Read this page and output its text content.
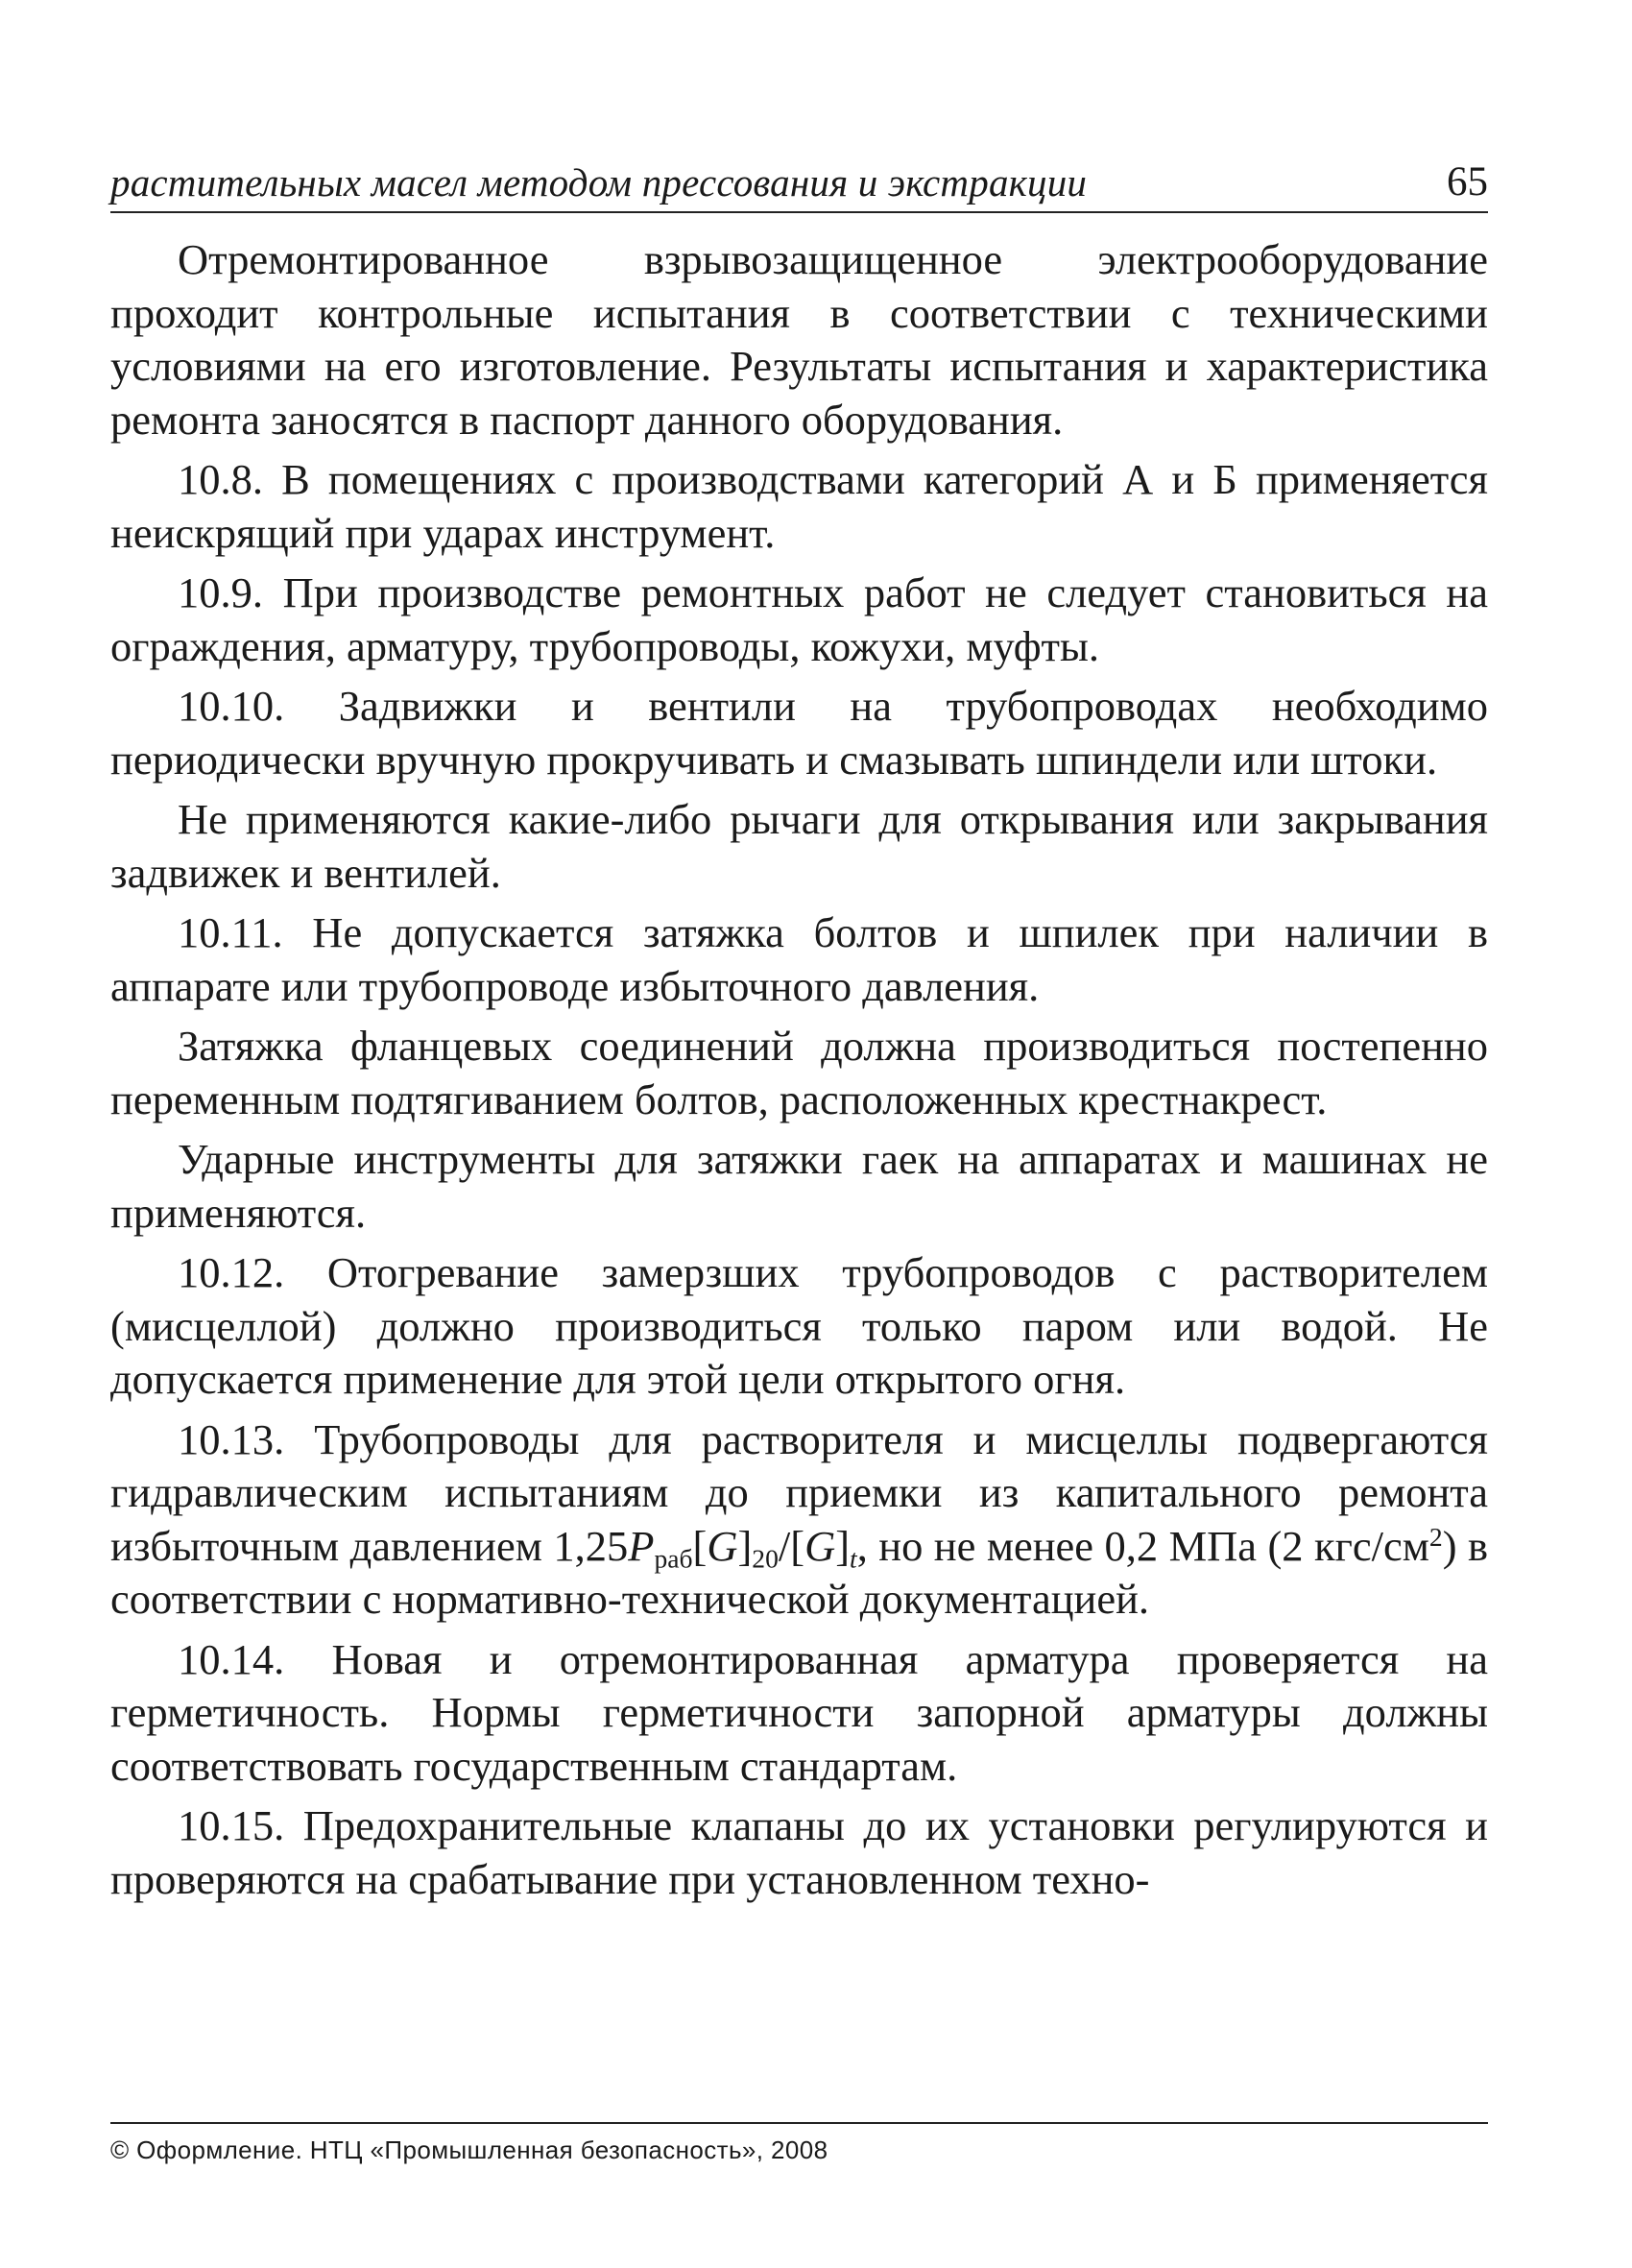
растительных масел методом прессования и экстракции	65

Отремонтированное взрывозащищенное электрооборудование проходит контрольные испытания в соответствии с техническими условиями на его изготовление. Результаты испытания и характеристика ремонта заносятся в паспорт данного оборудования.

10.8. В помещениях с производствами категорий А и Б применяется неискрящий при ударах инструмент.

10.9. При производстве ремонтных работ не следует становиться на ограждения, арматуру, трубопроводы, кожухи, муфты.

10.10. Задвижки и вентили на трубопроводах необходимо периодически вручную прокручивать и смазывать шпиндели или штоки.

Не применяются какие-либо рычаги для открывания или закрывания задвижек и вентилей.

10.11. Не допускается затяжка болтов и шпилек при наличии в аппарате или трубопроводе избыточного давления.

Затяжка фланцевых соединений должна производиться постепенно переменным подтягиванием болтов, расположенных крестнакрест.

Ударные инструменты для затяжки гаек на аппаратах и машинах не применяются.

10.12. Отогревание замерзших трубопроводов с растворителем (мисцеллой) должно производиться только паром или водой. Не допускается применение для этой цели открытого огня.

10.13. Трубопроводы для растворителя и мисцеллы подвергаются гидравлическим испытаниям до приемки из капитального ремонта избыточным давлением $1,25P_{раб}[G]_{20}/[G]_t$, но не менее 0,2 МПа (2 кгс/$см^2$) в соответствии с нормативно-технической документацией.

10.14. Новая и отремонтированная арматура проверяется на герметичность. Нормы герметичности запорной арматуры должны соответствовать государственным стандартам.

10.15. Предохранительные клапаны до их установки регулируются и проверяются на срабатывание при установленном техно-

© Оформление. НТЦ «Промышленная безопасность», 2008
